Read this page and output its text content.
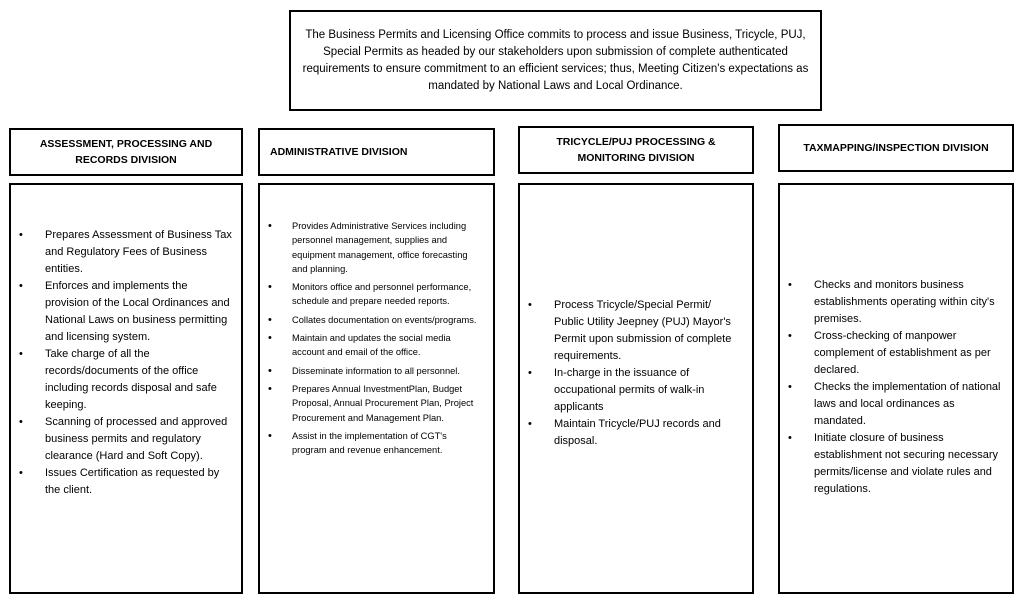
The Business Permits and Licensing Office commits to process and issue Business, Tricycle, PUJ, Special Permits as headed by our stakeholders upon submission of complete authenticated requirements to ensure commitment to an efficient services; thus, Meeting Citizen's expectations as mandated by National Laws and Local Ordinance.
ASSESSMENT, PROCESSING AND RECORDS DIVISION
• Prepares Assessment of Business Tax and Regulatory Fees of Business entities.
• Enforces and implements the provision of the Local Ordinances and National Laws on business permitting and licensing system.
• Take charge of all the records/documents of the office including records disposal and safe keeping.
• Scanning of processed and approved business permits and regulatory clearance (Hard and Soft Copy).
• Issues Certification as requested by the client.
ADMINISTRATIVE DIVISION
• Provides Administrative Services including personnel management, supplies and equipment management, office forecasting and planning.
• Monitors office and personnel performance, schedule and prepare needed reports.
• Collates documentation on events/programs.
• Maintain and updates the social media account and email of the office.
• Disseminate information to all personnel.
• Prepares Annual InvestmentPlan, Budget Proposal, Annual Procurement Plan, Project Procurement and Management Plan.
• Assist in the implementation of CGT's program and revenue enhancement.
TRICYCLE/PUJ PROCESSING & MONITORING DIVISION
• Process Tricycle/Special Permit/ Public Utility Jeepney (PUJ) Mayor's Permit upon submission of complete requirements.
• In-charge in the issuance of occupational permits of walk-in applicants
• Maintain Tricycle/PUJ records and disposal.
TAXMAPPING/INSPECTION DIVISION
• Checks and monitors business establishments operating within city's premises.
• Cross-checking of manpower complement of establishment as per declared.
• Checks the implementation of national laws and local ordinances as mandated.
• Initiate closure of business establishment not securing necessary permits/license and violate rules and regulations.
